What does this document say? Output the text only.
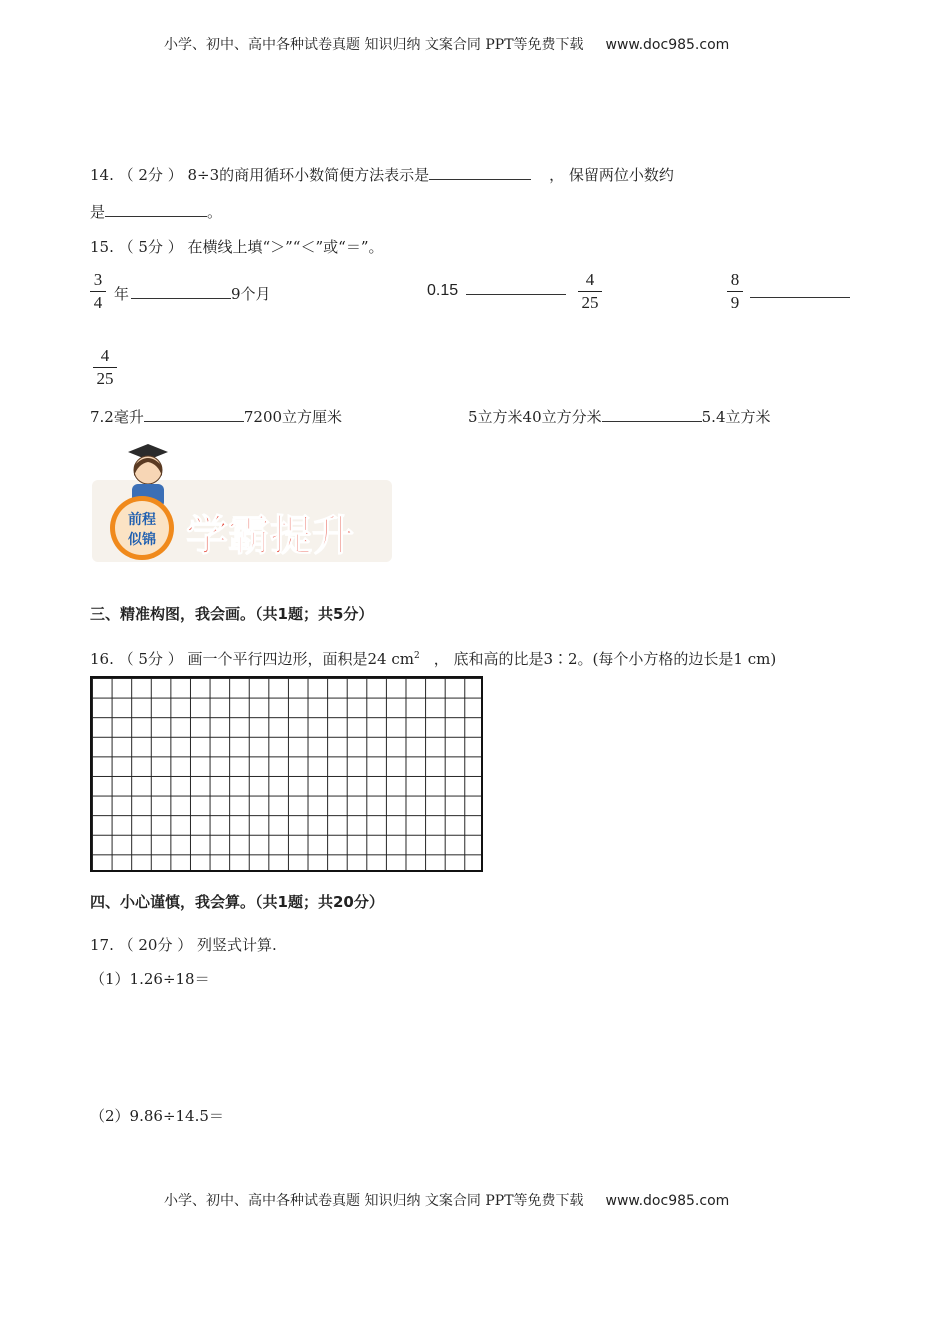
小学、初中、高中各种试卷真题 知识归纳 文案合同 PPT等免费下载 www.doc985.com
14. （ 2分 ） 8÷3的商用循环小数简便方法表示是	， 保留两位小数约
是	。
15. （ 5分 ） 在横线上填“＞”“＜”或“＝”。
3
4 年	9个月	0.15
4
25
8
9
4
25
7.2毫升	7200立方厘米	5立方米40立方分米	5.4立方米
前程
似锦 学霸提升
三、精准构图，我会画。（共1题；共5分）
16. （ 5分 ） 画一个平行四边形，面积是24 $cm^2$ ， 底和高的比是3∶2。(每个小方格的边长是1 cm)
四、小心谨慎，我会算。（共1题；共20分）
17. （ 20分 ） 列竖式计算.
（1）1.26÷18＝
（2）9.86÷14.5＝
小学、初中、高中各种试卷真题 知识归纳 文案合同 PPT等免费下载 www.doc985.com
